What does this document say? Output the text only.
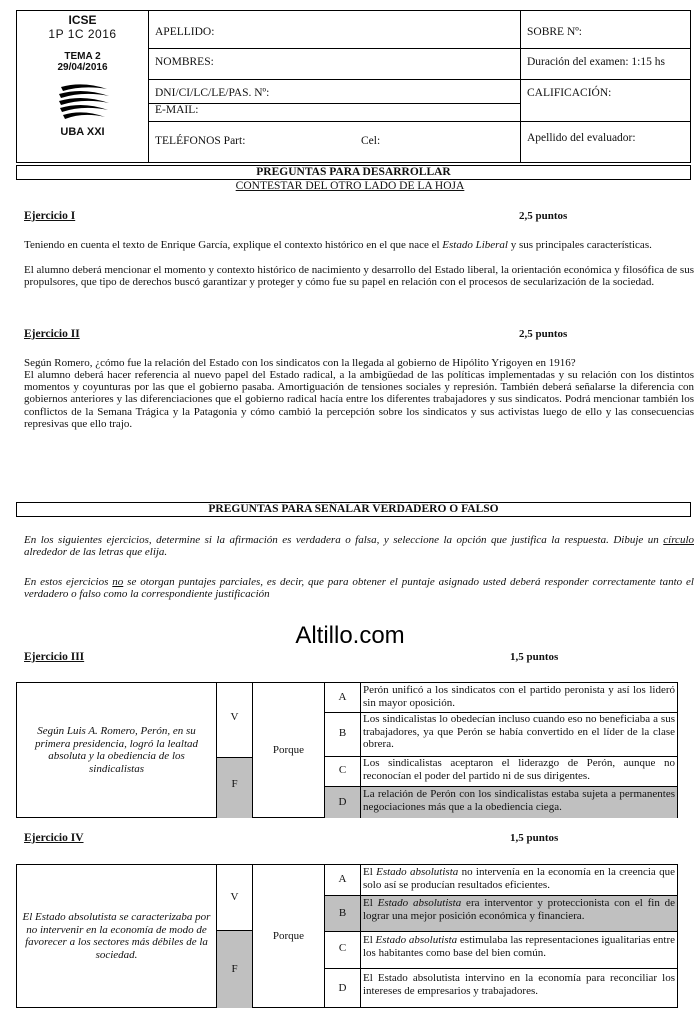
ICSE
1P 1C 2016
TEMA 2
29/04/2016
UBA XXI
APELLIDO:
NOMBRES:
DNI/CI/LC/LE/PAS. Nº:
E-MAIL:
TELÉFONOS Part:	Cel:
SOBRE Nº:
Duración del examen: 1:15 hs
CALIFICACIÓN:
Apellido del evaluador:
PREGUNTAS PARA DESARROLLAR
CONTESTAR DEL OTRO LADO DE LA HOJA
Ejercicio I	2,5 puntos
Teniendo en cuenta el texto de Enrique García, explique el contexto histórico en el que nace el Estado Liberal y sus principales características.
El alumno deberá mencionar el momento y contexto histórico de nacimiento y desarrollo del Estado liberal, la orientación económica y filosófica de sus propulsores, que tipo de derechos buscó garantizar y proteger y cómo fue su papel en relación con el procesos de secularización de la sociedad.
Ejercicio II	2,5 puntos
Según Romero, ¿cómo fue la relación del Estado con los sindicatos con la llegada al gobierno de Hipólito Yrigoyen en 1916?
El alumno deberá hacer referencia al nuevo papel del Estado radical, a la ambigüedad de las políticas implementadas y su relación con los distintos momentos y coyunturas por las que el gobierno pasaba. Amortiguación de tensiones sociales y represión. También deberá señalarse la diferencia con gobiernos anteriores y las diferenciaciones que el gobierno radical hacía entre los diferentes trabajadores y sus sindicatos. Podrá mencionar también los conflictos de la Semana Trágica y la Patagonia y cómo cambió la percepción sobre los sindicatos y sus activistas luego de ello y las consecuencias represivas que ello trajo.
PREGUNTAS PARA SEÑALAR VERDADERO O FALSO
En los siguientes ejercicios, determine si la afirmación es verdadera o falsa, y seleccione la opción que justifica la respuesta. Dibuje un círculo alrededor de las letras que elija.
En estos ejercicios no se otorgan puntajes parciales, es decir, que para obtener el puntaje asignado usted deberá responder correctamente tanto el verdadero o falso como la correspondiente justificación
Altillo.com
Ejercicio III	1,5 puntos
Según Luis A. Romero, Perón, en su primera presidencia, logró la lealtad absoluta y la obediencia de los sindicalistas
V
F
Porque
A
Perón unificó a los sindicatos con el partido peronista y así los lideró sin mayor oposición.
B
Los sindicalistas lo obedecían incluso cuando eso no beneficiaba a sus trabajadores, ya que Perón se había convertido en el líder de la clase obrera.
C
Los sindicalistas aceptaron el liderazgo de Perón, aunque no reconocían el poder del partido ni de sus dirigentes.
D
La relación de Perón con los sindicalistas estaba sujeta a permanentes negociaciones más que a la obediencia ciega.
Ejercicio IV	1,5 puntos
El Estado absolutista se caracterizaba por no intervenir en la economía de modo de favorecer a los sectores más débiles de la sociedad.
V
F
Porque
A
El Estado absolutista no intervenía en la economía en la creencia que solo así se producían resultados eficientes.
B
El Estado absolutista era interventor y proteccionista con el fin de lograr una mejor posición económica y financiera.
C
El Estado absolutista estimulaba las representaciones igualitarias entre los habitantes como base del bien común.
D
El Estado absolutista intervino en la economía para reconciliar los intereses de empresarios y trabajadores.
